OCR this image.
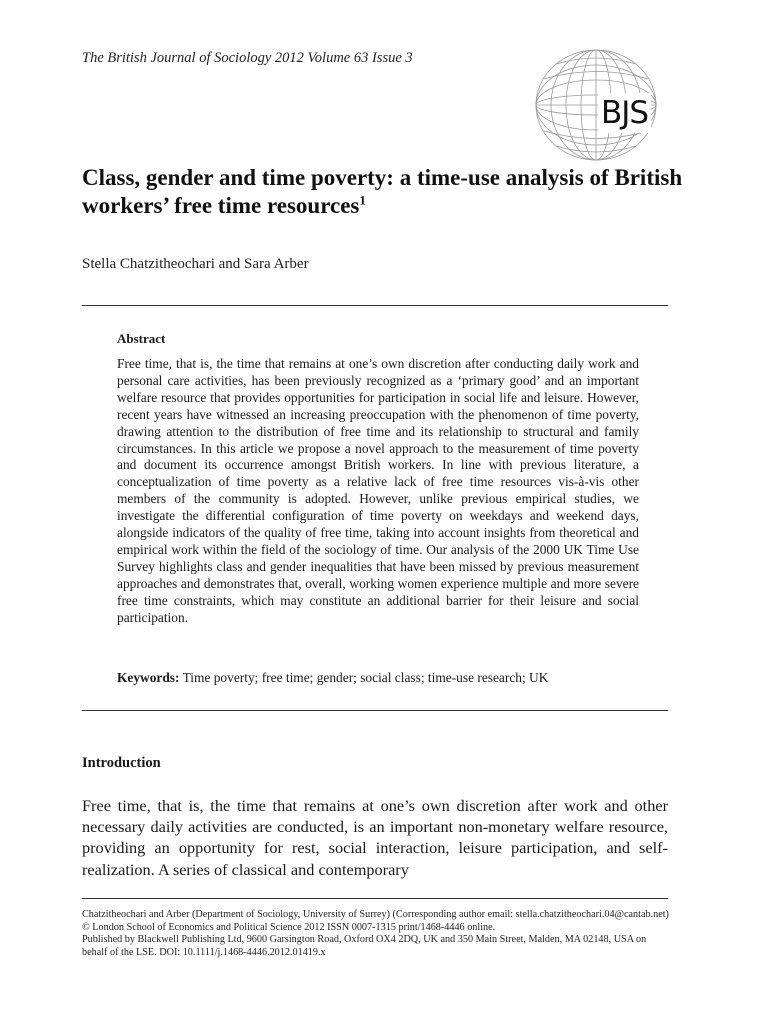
The British Journal of Sociology 2012 Volume 63 Issue 3
BJS
Class, gender and time poverty: a time-use analysis of British workers’ free time resources$^1$
Stella Chatzitheochari and Sara Arber
Abstract

Free time, that is, the time that remains at one’s own discretion after conducting daily work and personal care activities, has been previously recognized as a ‘primary good’ and an important welfare resource that provides opportunities for participation in social life and leisure. However, recent years have witnessed an increasing preoccupation with the phenomenon of time poverty, drawing attention to the distribution of free time and its relationship to structural and family circumstances. In this article we propose a novel approach to the measurement of time poverty and document its occurrence amongst British workers. In line with previous literature, a conceptualization of time poverty as a relative lack of free time resources vis-à-vis other members of the community is adopted. However, unlike previous empirical studies, we investigate the differential configuration of time poverty on weekdays and weekend days, alongside indicators of the quality of free time, taking into account insights from theoretical and empirical work within the field of the sociology of time. Our analysis of the 2000 UK Time Use Survey highlights class and gender inequalities that have been missed by previous measurement approaches and demonstrates that, overall, working women experience multiple and more severe free time constraints, which may constitute an additional barrier for their leisure and social participation.

Keywords: Time poverty; free time; gender; social class; time-use research; UK
Introduction

Free time, that is, the time that remains at one’s own discretion after work and other necessary daily activities are conducted, is an important non-monetary welfare resource, providing an opportunity for rest, social interaction, leisure participation, and self-realization. A series of classical and contemporary

Chatzitheochari and Arber (Department of Sociology, University of Surrey) (Corresponding author email: stella.chatzitheochari.04@cantab.net)
© London School of Economics and Political Science 2012 ISSN 0007-1315 print/1468-4446 online.
Published by Blackwell Publishing Ltd, 9600 Garsington Road, Oxford OX4 2DQ, UK and 350 Main Street, Malden, MA 02148, USA on behalf of the LSE. DOI: 10.1111/j.1468-4446.2012.01419.x
